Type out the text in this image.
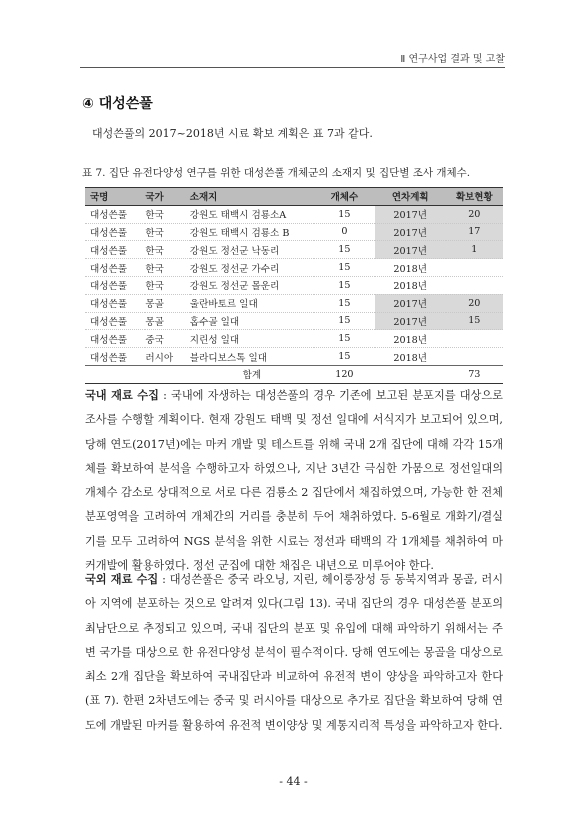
Ⅱ 연구사업 결과 및 고찰
④ 대성쓴풀
대성쓴풀의 2017~2018년 시료 확보 계획은 표 7과 같다.
표 7. 집단 유전다양성 연구를 위한 대성쓴풀 개체군의 소재지 및 집단별 조사 개체수.
국명	국가	소재지	개체수	연차계획	확보현황
대성쓴풀	한국	강원도 태백시 검룡소A	15	2017년	20
대성쓴풀	한국	강원도 태백시 검룡소 B	0	2017년	17
대성쓴풀	한국	강원도 정선군 낙동리	15	2017년	1
대성쓴풀	한국	강원도 정선군 가수리	15	2018년	
대성쓴풀	한국	강원도 정선군 몰운리	15	2018년	
대성쓴풀	몽골	울란바토르 일대	15	2017년	20
대성쓴풀	몽골	홉수골 일대	15	2017년	15
대성쓴풀	중국	지린성 일대	15	2018년	
대성쓴풀	러시아	블라디보스톡 일대	15	2018년	
		합계	120		73
국내 재료 수집 : 국내에 자생하는 대성쓴풀의 경우 기존에 보고된 분포지를 대상으로 조사를 수행할 계획이다. 현재 강원도 태백 및 정선 일대에 서식지가 보고되어 있으며, 당해 연도(2017년)에는 마커 개발 및 테스트를 위해 국내 2개 집단에 대해 각각 15개체를 확보하여 분석을 수행하고자 하였으나, 지난 3년간 극심한 가뭄으로 정선일대의 개체수 감소로 상대적으로 서로 다른 검룡소 2 집단에서 채집하였으며, 가능한 한 전체 분포영역을 고려하여 개체간의 거리를 충분히 두어 채취하였다. 5-6월로 개화기/결실기를 모두 고려하여 NGS 분석을 위한 시료는 정선과 태백의 각 1개체를 채취하여 마커개발에 활용하였다. 정선 군집에 대한 채집은 내년으로 미루어야 한다.
국외 재료 수집 : 대성쓴풀은 중국 라오닝, 지린, 헤이룽장성 등 동북지역과 몽골, 러시아 지역에 분포하는 것으로 알려져 있다(그림 13). 국내 집단의 경우 대성쓴풀 분포의 최남단으로 추정되고 있으며, 국내 집단의 분포 및 유입에 대해 파악하기 위해서는 주변 국가를 대상으로 한 유전다양성 분석이 필수적이다. 당해 연도에는 몽골을 대상으로 최소 2개 집단을 확보하여 국내집단과 비교하여 유전적 변이 양상을 파악하고자 한다(표 7). 한편 2차년도에는 중국 및 러시아를 대상으로 추가로 집단을 확보하여 당해 연도에 개발된 마커를 활용하여 유전적 변이양상 및 계통지리적 특성을 파악하고자 한다.
- 44 -
